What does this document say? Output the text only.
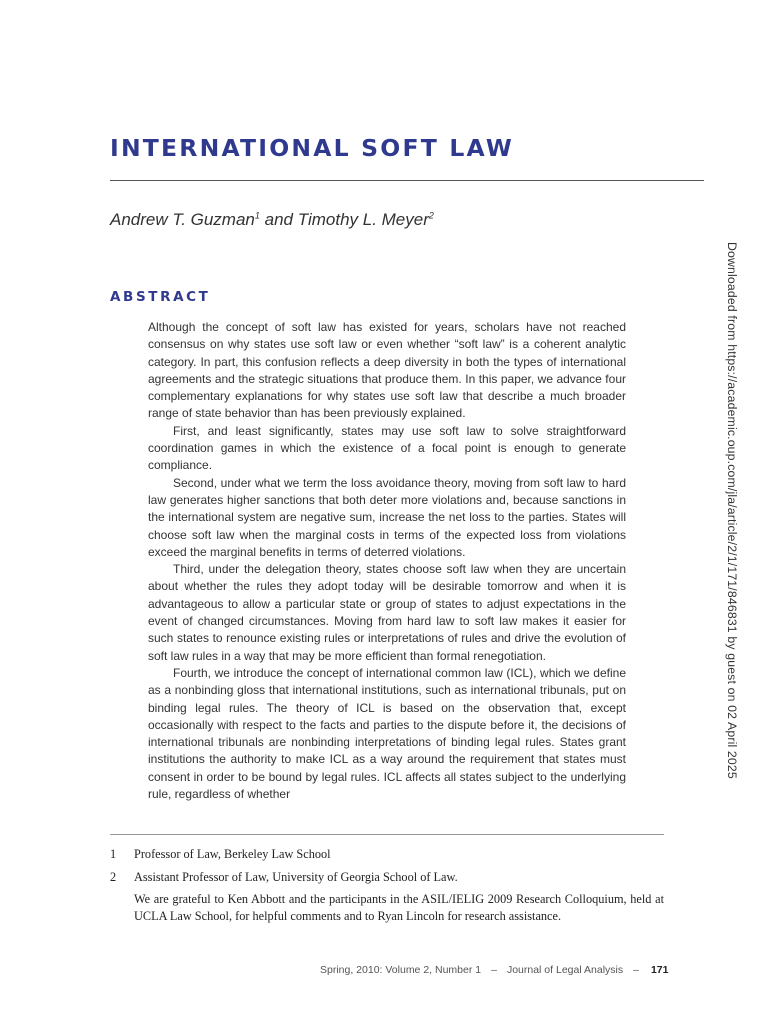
INTERNATIONAL SOFT LAW
Andrew T. Guzman$^1$ and Timothy L. Meyer$^2$
ABSTRACT

Although the concept of soft law has existed for years, scholars have not reached consensus on why states use soft law or even whether “soft law” is a coherent analytic category. In part, this confusion reflects a deep diversity in both the types of international agreements and the strategic situations that produce them. In this paper, we advance four complementary explanations for why states use soft law that describe a much broader range of state behavior than has been previously explained.

First, and least significantly, states may use soft law to solve straightforward coordination games in which the existence of a focal point is enough to generate compliance.

Second, under what we term the loss avoidance theory, moving from soft law to hard law generates higher sanctions that both deter more violations and, because sanctions in the international system are negative sum, increase the net loss to the parties. States will choose soft law when the marginal costs in terms of the expected loss from violations exceed the marginal benefits in terms of deterred violations.

Third, under the delegation theory, states choose soft law when they are uncertain about whether the rules they adopt today will be desirable tomorrow and when it is advantageous to allow a particular state or group of states to adjust expectations in the event of changed circumstances. Moving from hard law to soft law makes it easier for such states to renounce existing rules or interpretations of rules and drive the evolution of soft law rules in a way that may be more efficient than formal renegotiation.

Fourth, we introduce the concept of international common law (ICL), which we define as a nonbinding gloss that international institutions, such as international tribunals, put on binding legal rules. The theory of ICL is based on the observation that, except occasionally with respect to the facts and parties to the dispute before it, the decisions of international tribunals are nonbinding interpretations of binding legal rules. States grant institutions the authority to make ICL as a way around the requirement that states must consent in order to be bound by legal rules. ICL affects all states subject to the underlying rule, regardless of whether

1	Professor of Law, Berkeley Law School
2	Assistant Professor of Law, University of Georgia School of Law.
We are grateful to Ken Abbott and the participants in the ASIL/IELIG 2009 Research Colloquium, held at UCLA Law School, for helpful comments and to Ryan Lincoln for research assistance.
Spring, 2010: Volume 2, Number 1 – Journal of Legal Analysis – 171
Downloaded from https://academic.oup.com/jla/article/2/1/171/846831 by guest on 02 April 2025
